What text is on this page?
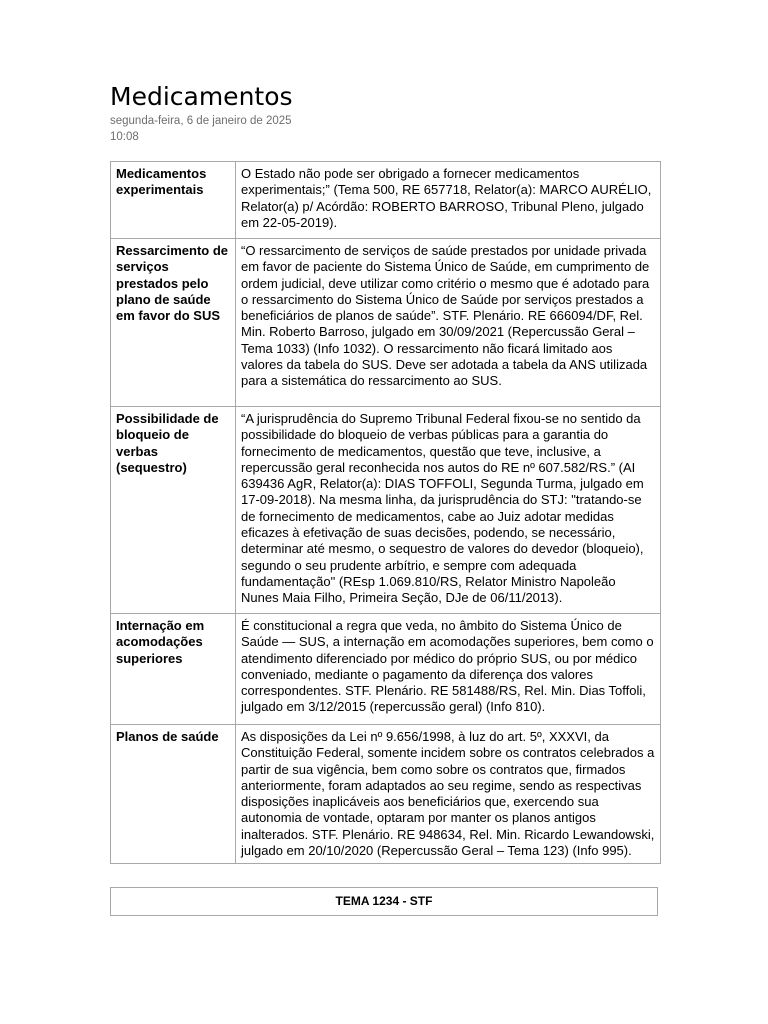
Medicamentos
segunda-feira, 6 de janeiro de 2025
10:08
Medicamentos experimentais	O Estado não pode ser obrigado a fornecer medicamentos experimentais;” (Tema 500, RE 657718, Relator(a): MARCO AURÉLIO, Relator(a) p/ Acórdão: ROBERTO BARROSO, Tribunal Pleno, julgado em 22-05-2019).
Ressarcimento de serviços prestados pelo plano de saúde em favor do SUS	“O ressarcimento de serviços de saúde prestados por unidade privada em favor de paciente do Sistema Único de Saúde, em cumprimento de ordem judicial, deve utilizar como critério o mesmo que é adotado para o ressarcimento do Sistema Único de Saúde por serviços prestados a beneficiários de planos de saúde”. STF. Plenário. RE 666094/DF, Rel. Min. Roberto Barroso, julgado em 30/09/2021 (Repercussão Geral – Tema 1033) (Info 1032). O ressarcimento não ficará limitado aos valores da tabela do SUS. Deve ser adotada a tabela da ANS utilizada para a sistemática do ressarcimento ao SUS.
Possibilidade de bloqueio de verbas (sequestro)	“A jurisprudência do Supremo Tribunal Federal fixou-se no sentido da possibilidade do bloqueio de verbas públicas para a garantia do fornecimento de medicamentos, questão que teve, inclusive, a repercussão geral reconhecida nos autos do RE nº 607.582/RS.” (AI 639436 AgR, Relator(a): DIAS TOFFOLI, Segunda Turma, julgado em 17-09-2018). Na mesma linha, da jurisprudência do STJ: "tratando-se de fornecimento de medicamentos, cabe ao Juiz adotar medidas eficazes à efetivação de suas decisões, podendo, se necessário, determinar até mesmo, o sequestro de valores do devedor (bloqueio), segundo o seu prudente arbítrio, e sempre com adequada fundamentação" (REsp 1.069.810/RS, Relator Ministro Napoleão Nunes Maia Filho, Primeira Seção, DJe de 06/11/2013).
Internação em acomodações superiores	É constitucional a regra que veda, no âmbito do Sistema Único de Saúde — SUS, a internação em acomodações superiores, bem como o atendimento diferenciado por médico do próprio SUS, ou por médico conveniado, mediante o pagamento da diferença dos valores correspondentes. STF. Plenário. RE 581488/RS, Rel. Min. Dias Toffoli, julgado em 3/12/2015 (repercussão geral) (Info 810).
Planos de saúde	As disposições da Lei nº 9.656/1998, à luz do art. 5º, XXXVI, da Constituição Federal, somente incidem sobre os contratos celebrados a partir de sua vigência, bem como sobre os contratos que, firmados anteriormente, foram adaptados ao seu regime, sendo as respectivas disposições inaplicáveis aos beneficiários que, exercendo sua autonomia de vontade, optaram por manter os planos antigos inalterados. STF. Plenário. RE 948634, Rel. Min. Ricardo Lewandowski, julgado em 20/10/2020 (Repercussão Geral – Tema 123) (Info 995).
TEMA 1234 - STF
